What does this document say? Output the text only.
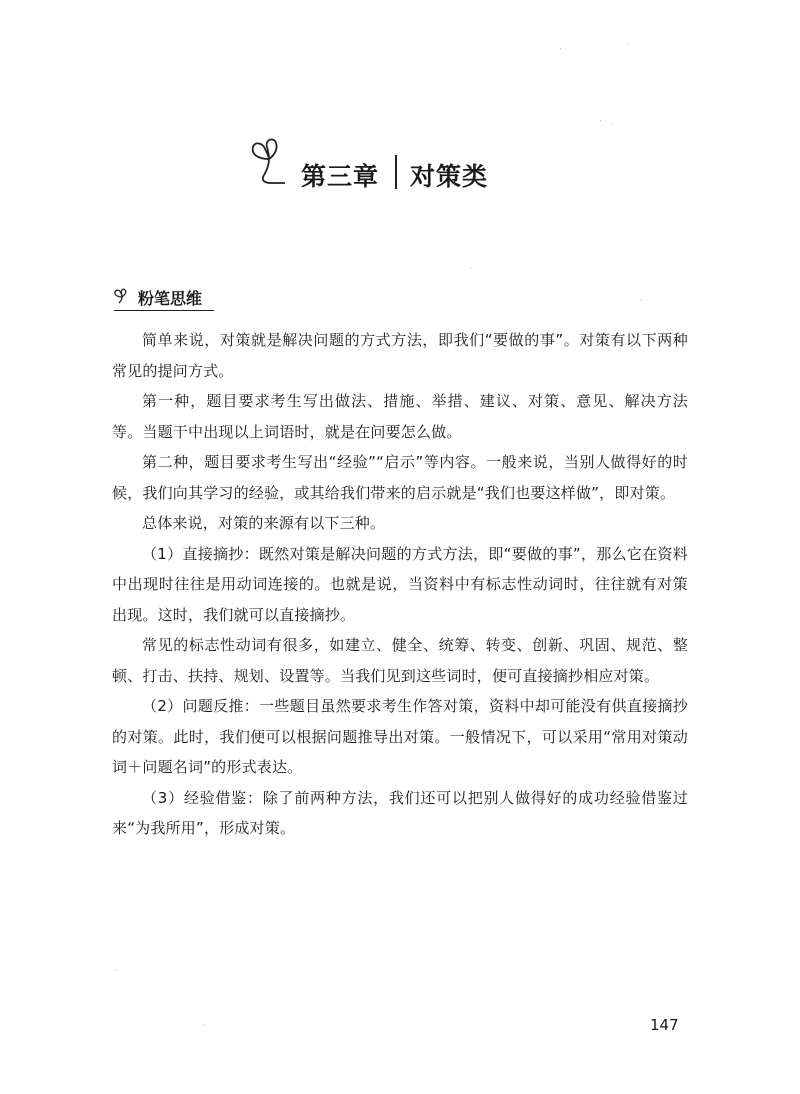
第三章 对策类
粉笔思维

简单来说，对策就是解决问题的方式方法，即我们“要做的事”。对策有以下两种常见的提问方式。

第一种，题目要求考生写出做法、措施、举措、建议、对策、意见、解决方法等。当题干中出现以上词语时，就是在问要怎么做。

第二种，题目要求考生写出“经验”“启示”等内容。一般来说，当别人做得好的时候，我们向其学习的经验，或其给我们带来的启示就是“我们也要这样做”，即对策。

总体来说，对策的来源有以下三种。

（1）直接摘抄：既然对策是解决问题的方式方法，即“要做的事”，那么它在资料中出现时往往是用动词连接的。也就是说，当资料中有标志性动词时，往往就有对策出现。这时，我们就可以直接摘抄。

常见的标志性动词有很多，如建立、健全、统筹、转变、创新、巩固、规范、整顿、打击、扶持、规划、设置等。当我们见到这些词时，便可直接摘抄相应对策。

（2）问题反推：一些题目虽然要求考生作答对策，资料中却可能没有供直接摘抄的对策。此时，我们便可以根据问题推导出对策。一般情况下，可以采用“常用对策动词＋问题名词”的形式表达。

（3）经验借鉴：除了前两种方法，我们还可以把别人做得好的成功经验借鉴过来“为我所用”，形成对策。

147
